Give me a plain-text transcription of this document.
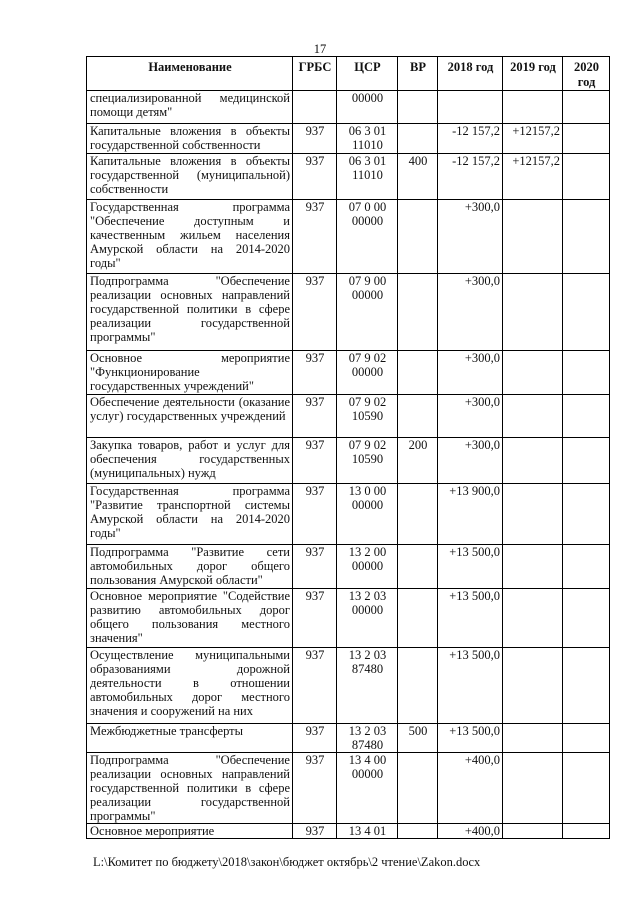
17
Наименование	ГРБС	ЦСР	ВР	2018 год	2019 год	2020
год

специализированной медицинской помощи детям"		00000				
Капитальные вложения в объекты государственной собственности	937	06 3 01 11010		-12 157,2	+12157,2	
Капитальные вложения в объекты государственной (муниципальной) собственности	937	06 3 01 11010	400	-12 157,2	+12157,2	
Государственная программа "Обеспечение доступным и качественным жильем населения Амурской области на 2014-2020 годы"	937	07 0 00 00000		+300,0		
Подпрограмма "Обеспечение реализации основных направлений государственной политики в сфере реализации государственной программы"	937	07 9 00 00000		+300,0		
Основное мероприятие "Функционирование государственных учреждений"	937	07 9 02 00000		+300,0		
Обеспечение деятельности (оказание услуг) государственных учреждений	937	07 9 02 10590		+300,0		
Закупка товаров, работ и услуг для обеспечения государственных (муниципальных) нужд	937	07 9 02 10590	200	+300,0		
Государственная программа "Развитие транспортной системы Амурской области на 2014-2020 годы"	937	13 0 00 00000		+13 900,0		
Подпрограмма "Развитие сети автомобильных дорог общего пользования Амурской области"	937	13 2 00 00000		+13 500,0		
Основное мероприятие "Содействие развитию автомобильных дорог общего пользования местного значения"	937	13 2 03 00000		+13 500,0		
Осуществление муниципальными образованиями дорожной деятельности в отношении автомобильных дорог местного значения и сооружений на них	937	13 2 03 87480		+13 500,0		
Межбюджетные трансферты	937	13 2 03 87480	500	+13 500,0		
Подпрограмма "Обеспечение реализации основных направлений государственной политики в сфере реализации государственной программы"	937	13 4 00 00000		+400,0		
Основное мероприятие	937	13 4 01		+400,0		
L:\Комитет по бюджету\2018\закон\бюджет октябрь\2 чтение\Zakon.docx
